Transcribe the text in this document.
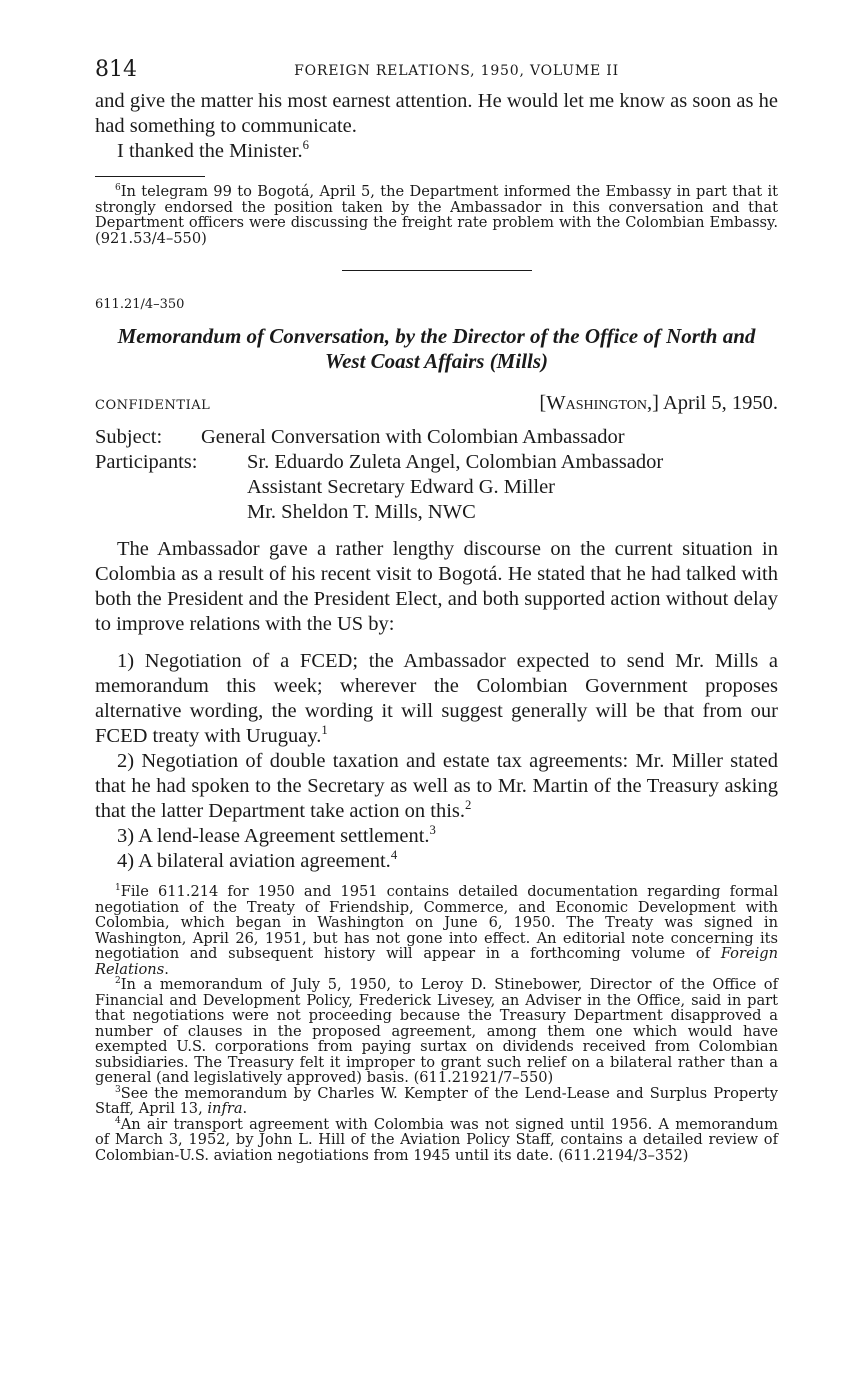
814	FOREIGN RELATIONS, 1950, VOLUME II

and give the matter his most earnest attention. He would let me know as soon as he had something to communicate.

I thanked the Minister.$^6$

$^6$In telegram 99 to Bogotá, April 5, the Department informed the Embassy in part that it strongly endorsed the position taken by the Ambassador in this conversation and that Department officers were discussing the freight rate problem with the Colombian Embassy. (921.53/4–550)

611.21/4–350
Memorandum of Conversation, by the Director of the Office of North and West Coast Affairs (Mills)
CONFIDENTIAL	[Washington,] April 5, 1950.
Subject:	General Conversation with Colombian Ambassador
Participants:	Sr. Eduardo Zuleta Angel, Colombian Ambassador
Assistant Secretary Edward G. Miller
Mr. Sheldon T. Mills, NWC

The Ambassador gave a rather lengthy discourse on the current situation in Colombia as a result of his recent visit to Bogotá. He stated that he had talked with both the President and the President Elect, and both supported action without delay to improve relations with the US by:

1) Negotiation of a FCED; the Ambassador expected to send Mr. Mills a memorandum this week; wherever the Colombian Government proposes alternative wording, the wording it will suggest generally will be that from our FCED treaty with Uruguay.$^1$

2) Negotiation of double taxation and estate tax agreements: Mr. Miller stated that he had spoken to the Secretary as well as to Mr. Martin of the Treasury asking that the latter Department take action on this.$^2$

3) A lend-lease Agreement settlement.$^3$

4) A bilateral aviation agreement.$^4$

$^1$File 611.214 for 1950 and 1951 contains detailed documentation regarding formal negotiation of the Treaty of Friendship, Commerce, and Economic Development with Colombia, which began in Washington on June 6, 1950. The Treaty was signed in Washington, April 26, 1951, but has not gone into effect. An editorial note concerning its negotiation and subsequent history will appear in a forthcoming volume of Foreign Relations.

$^2$In a memorandum of July 5, 1950, to Leroy D. Stinebower, Director of the Office of Financial and Development Policy, Frederick Livesey, an Adviser in the Office, said in part that negotiations were not proceeding because the Treasury Department disapproved a number of clauses in the proposed agreement, among them one which would have exempted U.S. corporations from paying surtax on dividends received from Colombian subsidiaries. The Treasury felt it improper to grant such relief on a bilateral rather than a general (and legislatively approved) basis. (611.21921/7–550)

$^3$See the memorandum by Charles W. Kempter of the Lend-Lease and Surplus Property Staff, April 13, infra.

$^4$An air transport agreement with Colombia was not signed until 1956. A memorandum of March 3, 1952, by John L. Hill of the Aviation Policy Staff, contains a detailed review of Colombian-U.S. aviation negotiations from 1945 until its date. (611.2194/3–352)
